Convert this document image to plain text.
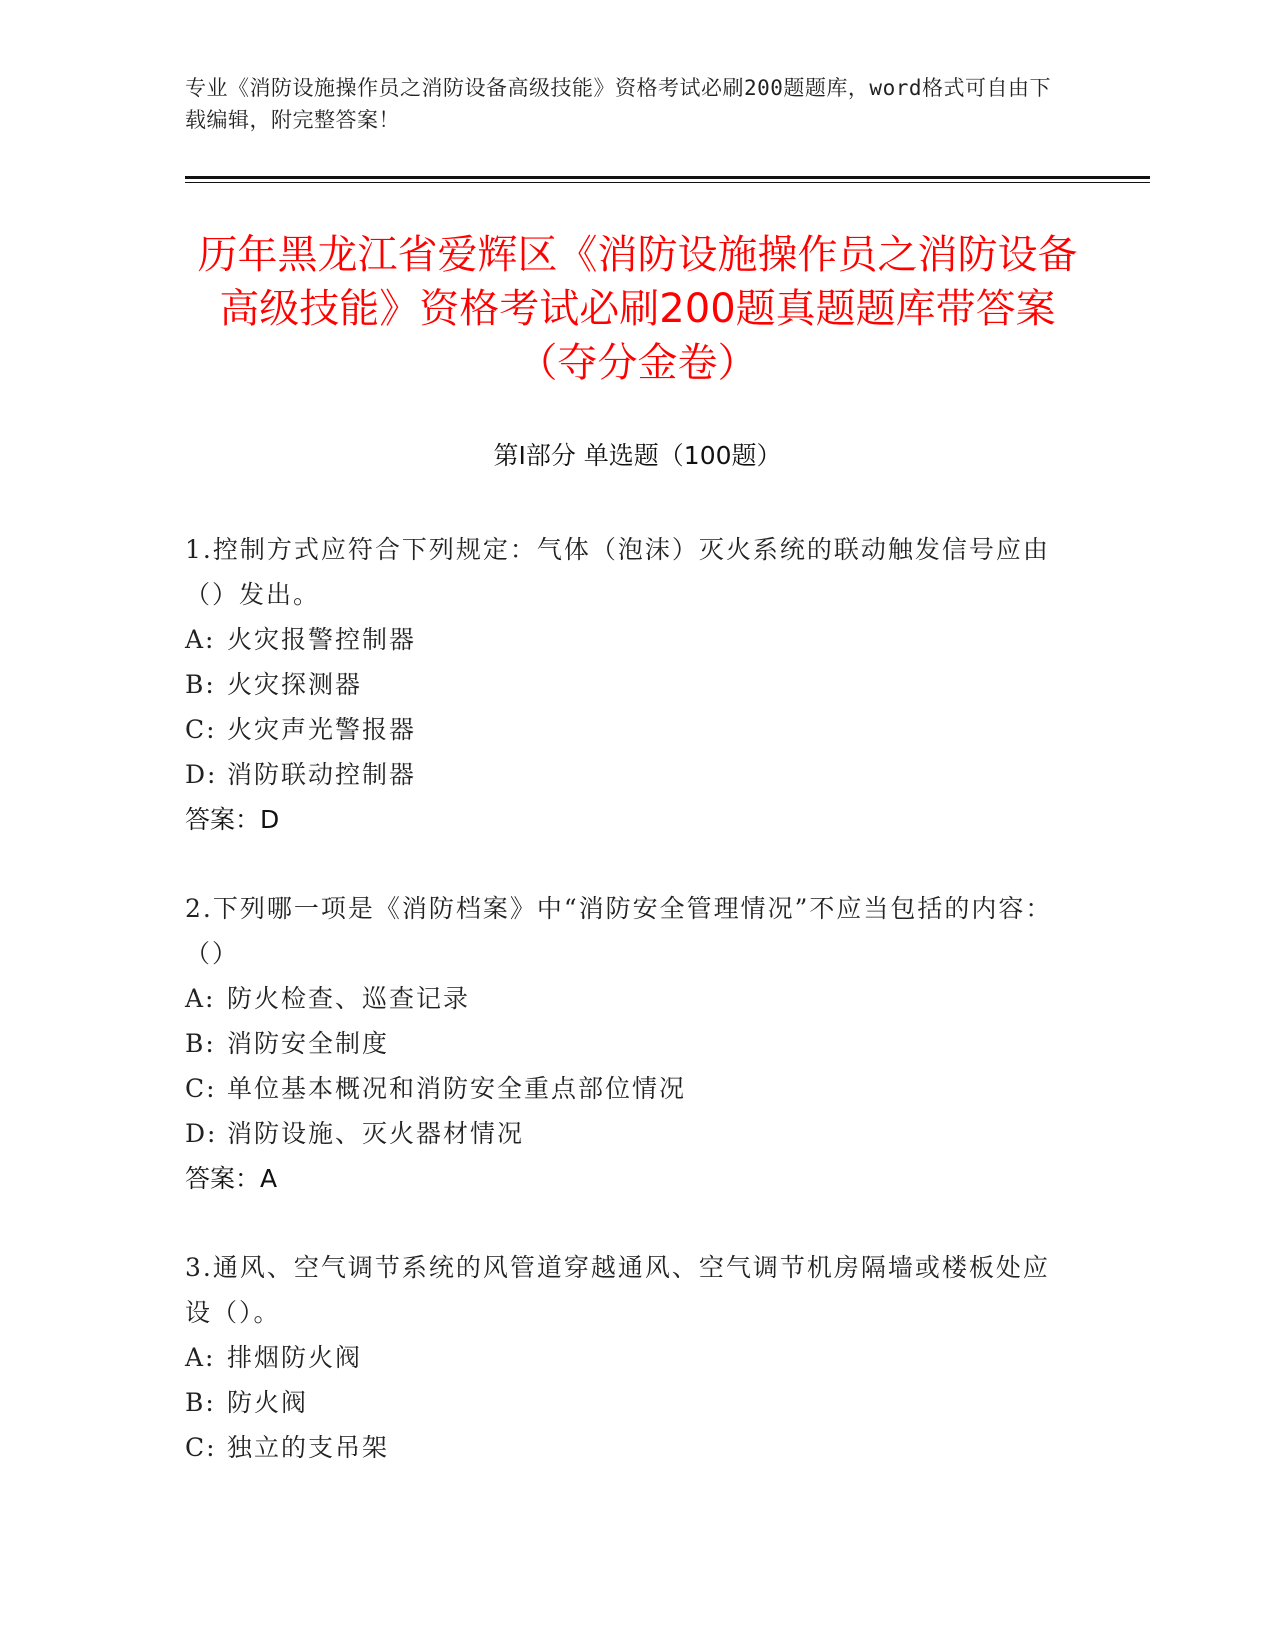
专业《消防设施操作员之消防设备高级技能》资格考试必刷200题题库，word格式可自由下载编辑，附完整答案！
历年黑龙江省爱辉区《消防设施操作员之消防设备高级技能》资格考试必刷200题真题题库带答案（夺分金卷）
第Ⅰ部分 单选题（100题）
1.控制方式应符合下列规定：气体（泡沫）灭火系统的联动触发信号应由（）发出。
A: 火灾报警控制器
B: 火灾探测器
C: 火灾声光警报器
D: 消防联动控制器
答案：D
2.下列哪一项是《消防档案》中“消防安全管理情况”不应当包括的内容：（）
A: 防火检查、巡查记录
B: 消防安全制度
C: 单位基本概况和消防安全重点部位情况
D: 消防设施、灭火器材情况
答案：A
3.通风、空气调节系统的风管道穿越通风、空气调节机房隔墙或楼板处应设（）。
A: 排烟防火阀
B: 防火阀
C: 独立的支吊架
